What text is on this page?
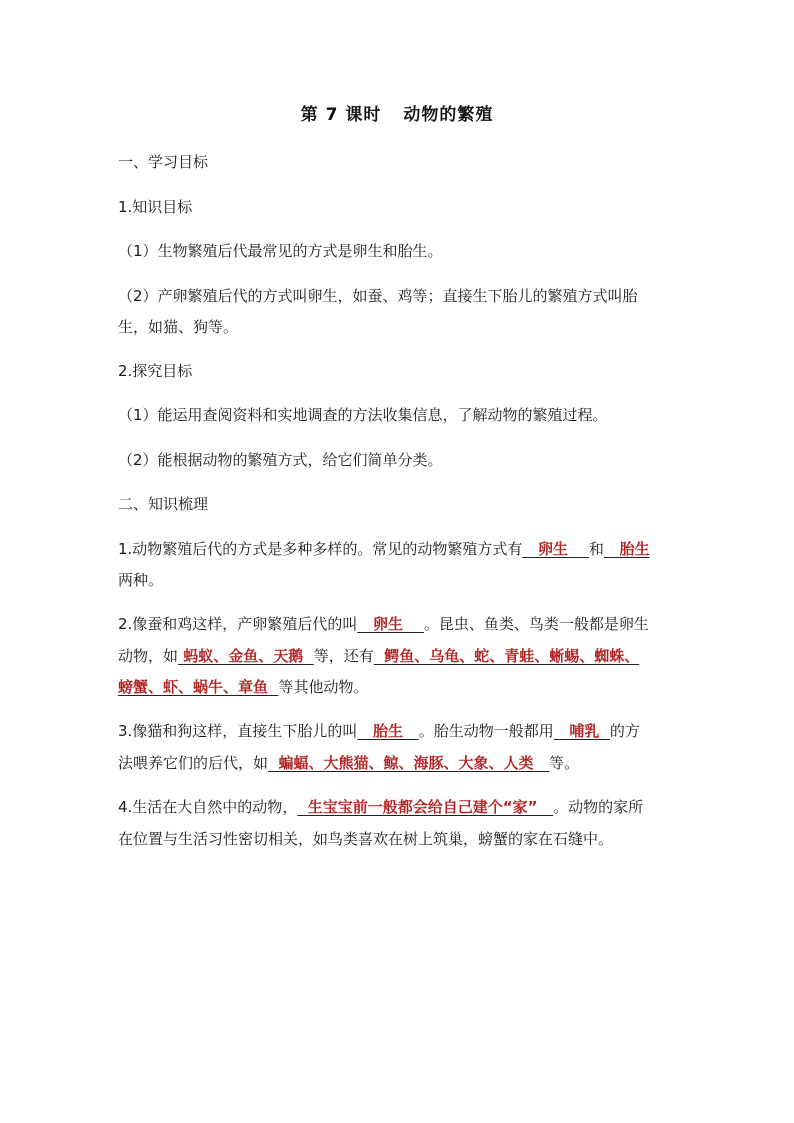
第 7 课时 动物的繁殖
一、学习目标
1.知识目标
（1）生物繁殖后代最常见的方式是卵生和胎生。
（2）产卵繁殖后代的方式叫卵生，如蚕、鸡等；直接生下胎儿的繁殖方式叫胎
生，如猫、狗等。
2.探究目标
（1）能运用查阅资料和实地调查的方法收集信息，了解动物的繁殖过程。
（2）能根据动物的繁殖方式，给它们简单分类。
二、知识梳理
1.动物繁殖后代的方式是多种多样的。常见的动物繁殖方式有 卵生 和 胎生
两种。
2.像蚕和鸡这样，产卵繁殖后代的叫 卵生 。昆虫、鱼类、鸟类一般都是卵生
动物，如 蚂蚁、金鱼、天鹅 等，还有 鳄鱼、乌龟、蛇、青蛙、蜥蜴、蜘蛛、
螃蟹、虾、蜗牛、章鱼 等其他动物。
3.像猫和狗这样，直接生下胎儿的叫 胎生 。胎生动物一般都用 哺乳 的方
法喂养它们的后代，如 蝙蝠、大熊猫、鲸、海豚、大象、人类 等。
4.生活在大自然中的动物， 生宝宝前一般都会给自己建个“家” 。动物的家所
在位置与生活习性密切相关，如鸟类喜欢在树上筑巢，螃蟹的家在石缝中。
